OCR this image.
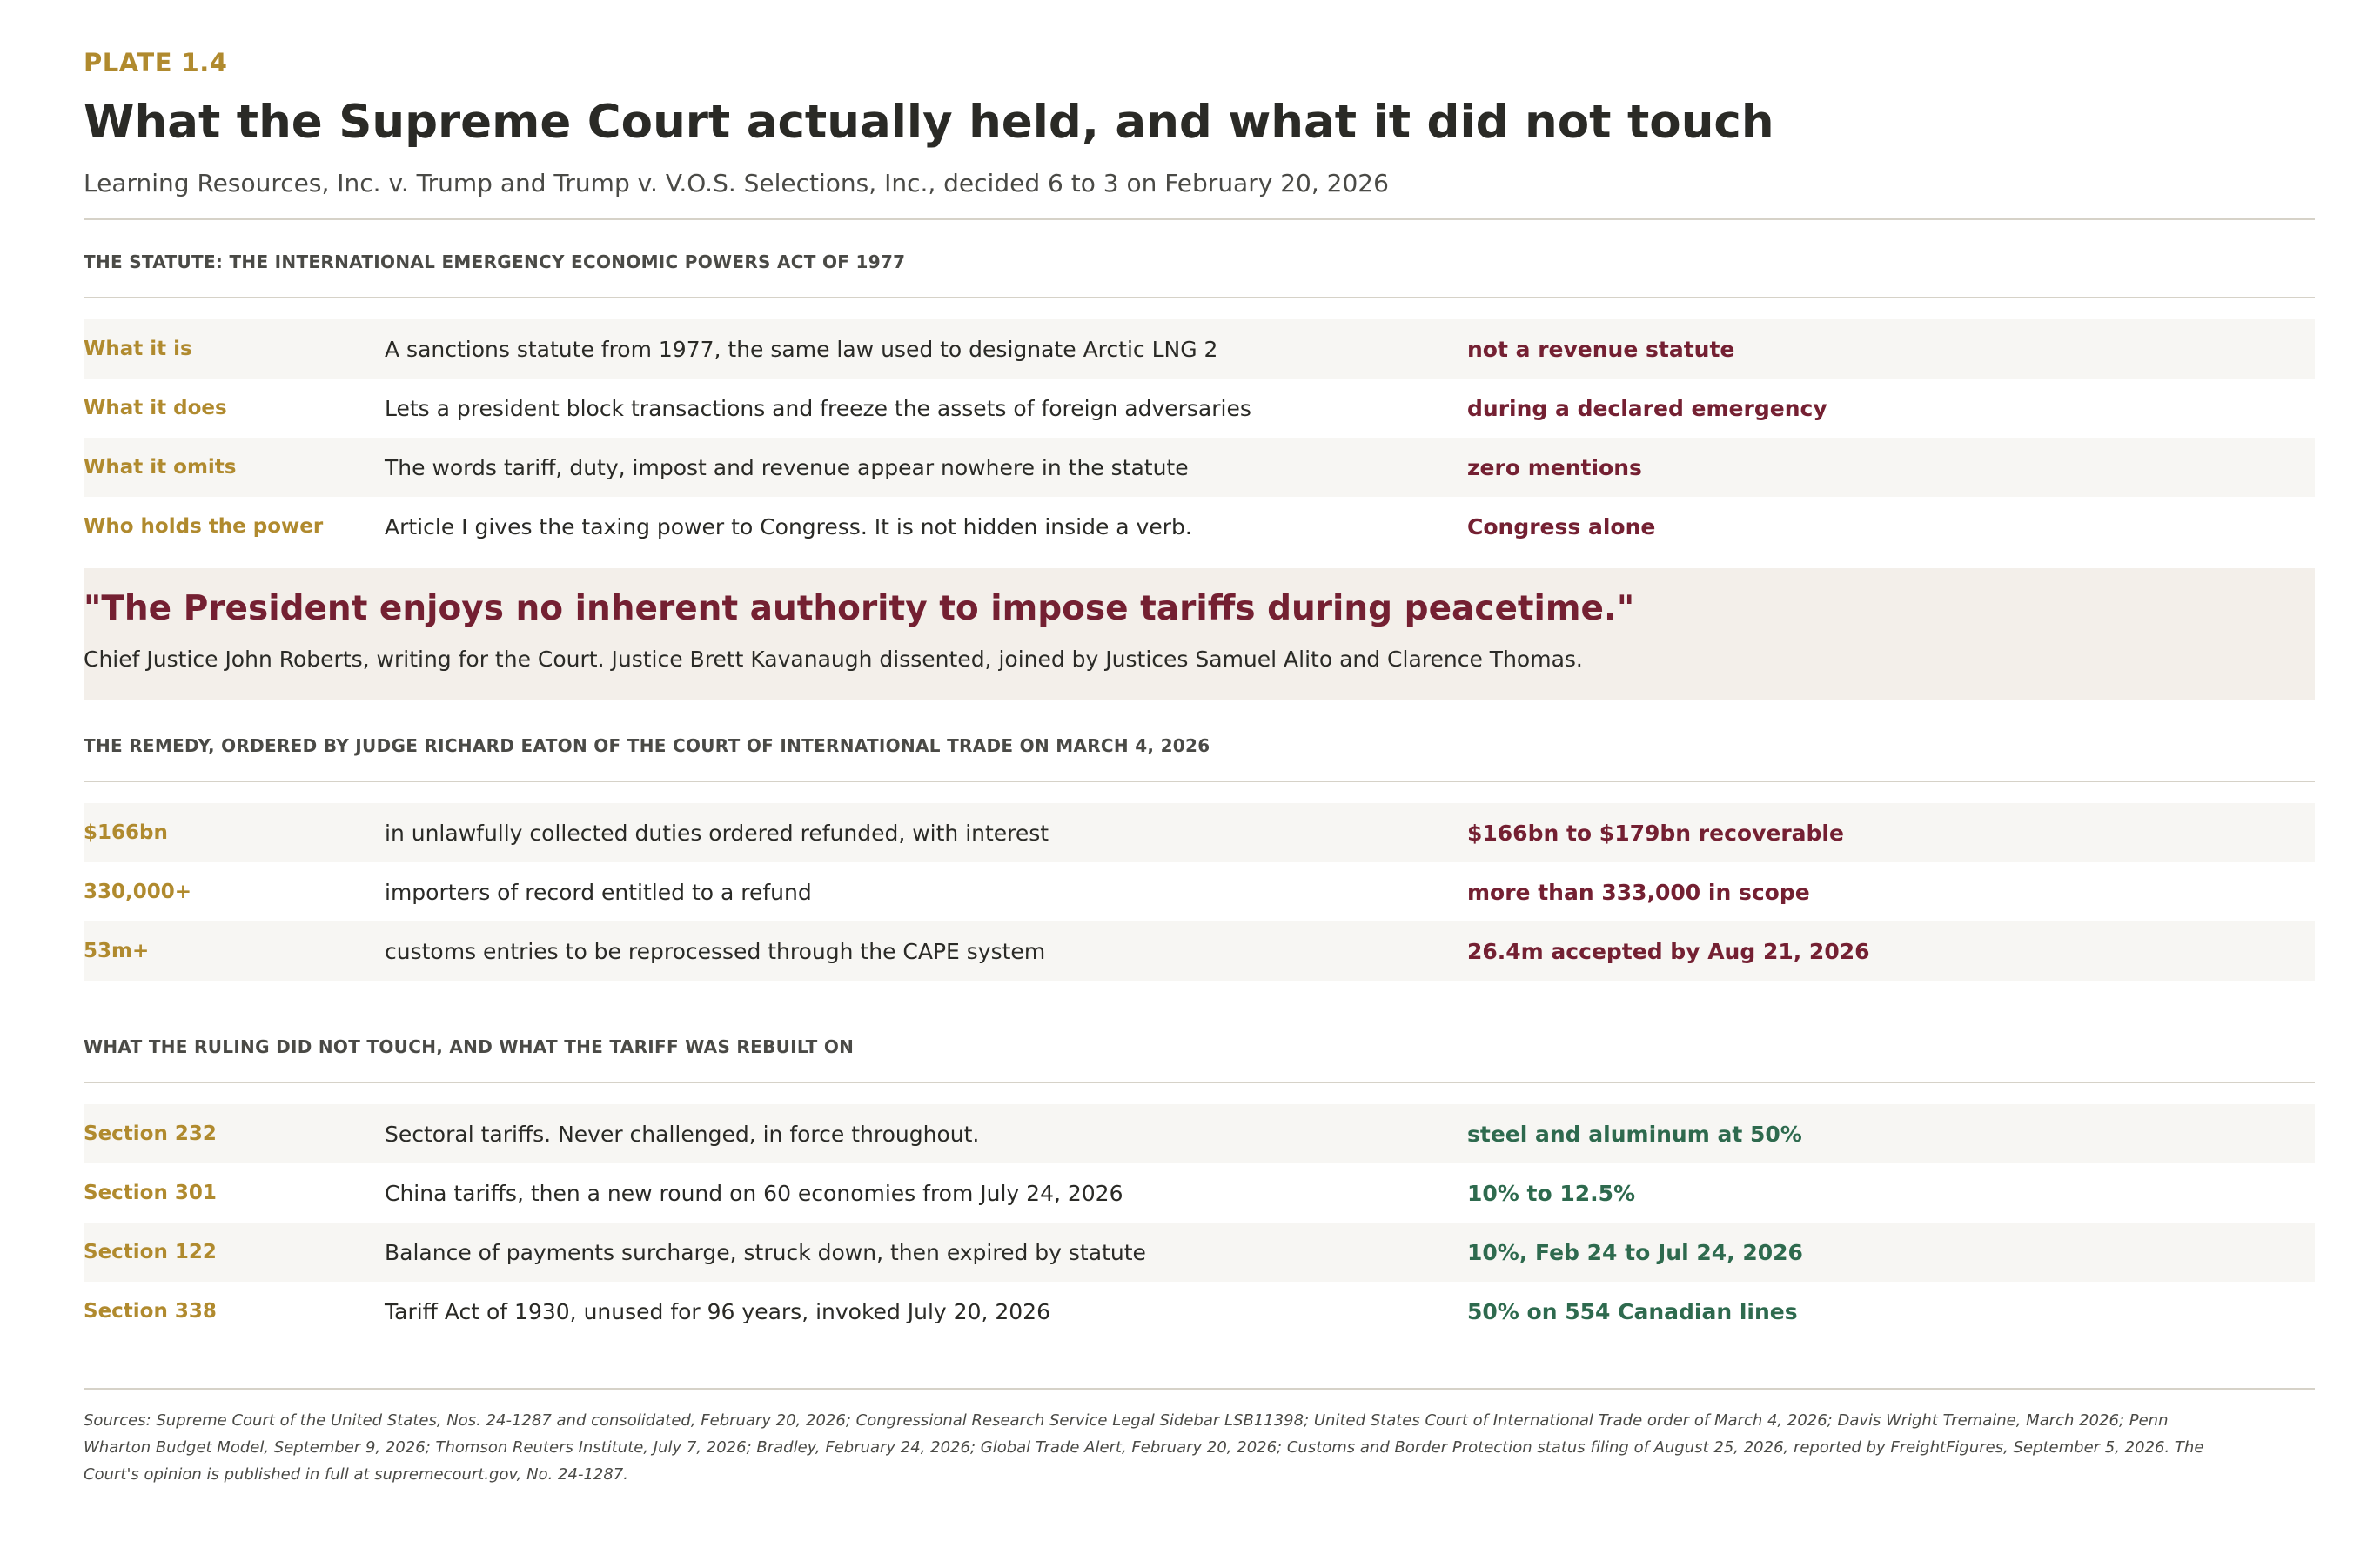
PLATE 1.4
What the Supreme Court actually held, and what it did not touch
Learning Resources, Inc. v. Trump and Trump v. V.O.S. Selections, Inc., decided 6 to 3 on February 20, 2026
THE STATUTE: THE INTERNATIONAL EMERGENCY ECONOMIC POWERS ACT OF 1977
What it is	A sanctions statute from 1977, the same law used to designate Arctic LNG 2	not a revenue statute
What it does	Lets a president block transactions and freeze the assets of foreign adversaries	during a declared emergency
What it omits	The words tariff, duty, impost and revenue appear nowhere in the statute	zero mentions
Who holds the power	Article I gives the taxing power to Congress. It is not hidden inside a verb.	Congress alone
"The President enjoys no inherent authority to impose tariffs during peacetime."
Chief Justice John Roberts, writing for the Court. Justice Brett Kavanaugh dissented, joined by Justices Samuel Alito and Clarence Thomas.
THE REMEDY, ORDERED BY JUDGE RICHARD EATON OF THE COURT OF INTERNATIONAL TRADE ON MARCH 4, 2026
$166bn	in unlawfully collected duties ordered refunded, with interest	$166bn to $179bn recoverable
330,000+	importers of record entitled to a refund	more than 333,000 in scope
53m+	customs entries to be reprocessed through the CAPE system	26.4m accepted by Aug 21, 2026
WHAT THE RULING DID NOT TOUCH, AND WHAT THE TARIFF WAS REBUILT ON
Section 232	Sectoral tariffs. Never challenged, in force throughout.	steel and aluminum at 50%
Section 301	China tariffs, then a new round on 60 economies from July 24, 2026	10% to 12.5%
Section 122	Balance of payments surcharge, struck down, then expired by statute	10%, Feb 24 to Jul 24, 2026
Section 338	Tariff Act of 1930, unused for 96 years, invoked July 20, 2026	50% on 554 Canadian lines
Sources: Supreme Court of the United States, Nos. 24-1287 and consolidated, February 20, 2026; Congressional Research Service Legal Sidebar LSB11398; United States Court of International Trade order of March 4, 2026; Davis Wright Tremaine, March 2026; Penn Wharton Budget Model, September 9, 2026; Thomson Reuters Institute, July 7, 2026; Bradley, February 24, 2026; Global Trade Alert, February 20, 2026; Customs and Border Protection status filing of August 25, 2026, reported by FreightFigures, September 5, 2026. The Court's opinion is published in full at supremecourt.gov, No. 24-1287.
